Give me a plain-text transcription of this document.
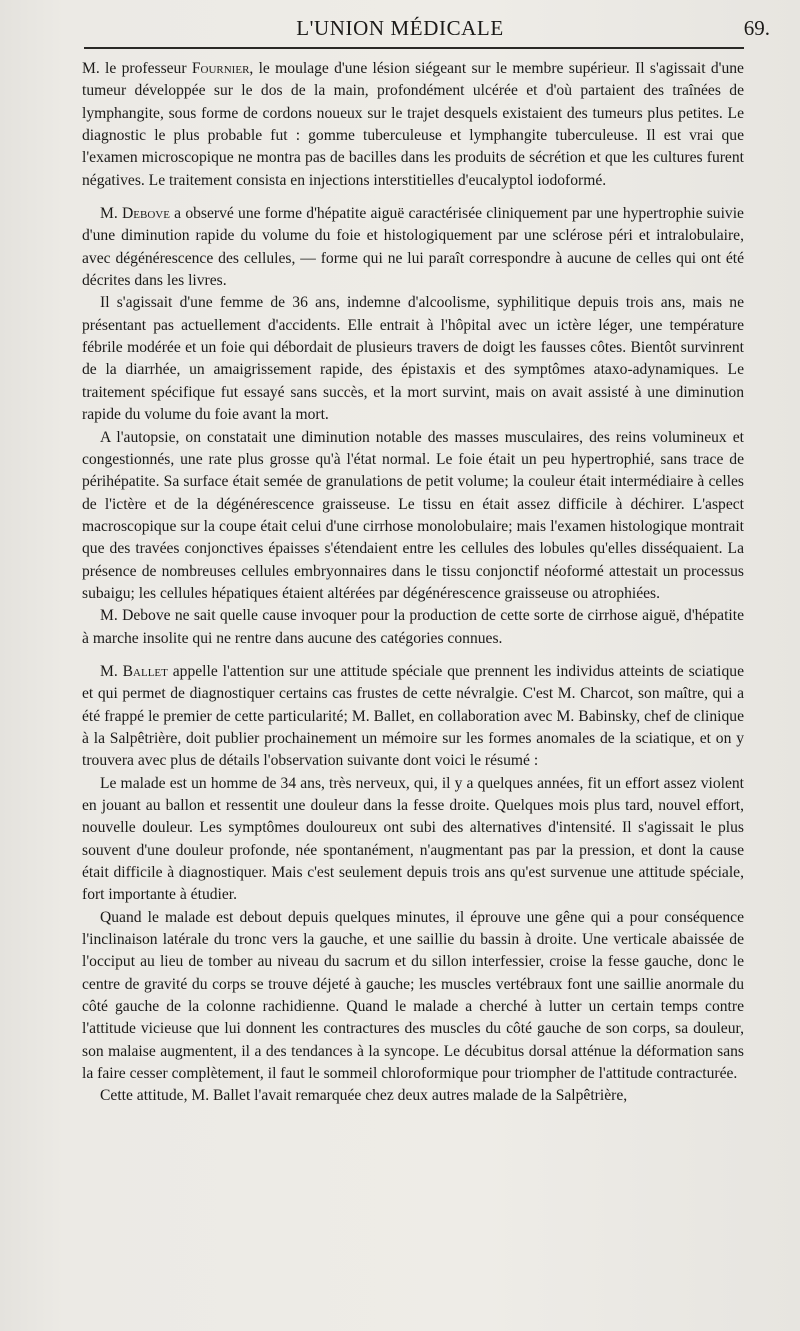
L'UNION MÉDICALE	69.

M. le professeur Fournier, le moulage d'une lésion siégeant sur le membre supérieur. Il s'agissait d'une tumeur développée sur le dos de la main, profondément ulcérée et d'où partaient des traînées de lymphangite, sous forme de cordons noueux sur le trajet desquels existaient des tumeurs plus petites. Le diagnostic le plus probable fut : gomme tuberculeuse et lymphangite tuberculeuse. Il est vrai que l'examen microscopique ne montra pas de bacilles dans les produits de sécrétion et que les cultures furent négatives. Le traitement consista en injections interstitielles d'eucalyptol iodoformé.

M. Debove a observé une forme d'hépatite aiguë caractérisée cliniquement par une hypertrophie suivie d'une diminution rapide du volume du foie et histologiquement par une sclérose péri et intralobulaire, avec dégénérescence des cellules, — forme qui ne lui paraît correspondre à aucune de celles qui ont été décrites dans les livres.

Il s'agissait d'une femme de 36 ans, indemne d'alcoolisme, syphilitique depuis trois ans, mais ne présentant pas actuellement d'accidents. Elle entrait à l'hôpital avec un ictère léger, une température fébrile modérée et un foie qui débordait de plusieurs travers de doigt les fausses côtes. Bientôt survinrent de la diarrhée, un amaigrissement rapide, des épistaxis et des symptômes ataxo-adynamiques. Le traitement spécifique fut essayé sans succès, et la mort survint, mais on avait assisté à une diminution rapide du volume du foie avant la mort.

A l'autopsie, on constatait une diminution notable des masses musculaires, des reins volumineux et congestionnés, une rate plus grosse qu'à l'état normal. Le foie était un peu hypertrophié, sans trace de périhépatite. Sa surface était semée de granulations de petit volume; la couleur était intermédiaire à celles de l'ictère et de la dégénérescence graisseuse. Le tissu en était assez difficile à déchirer. L'aspect macroscopique sur la coupe était celui d'une cirrhose monolobulaire; mais l'examen histologique montrait que des travées conjonctives épaisses s'étendaient entre les cellules des lobules qu'elles disséquaient. La présence de nombreuses cellules embryonnaires dans le tissu conjonctif néoformé attestait un processus subaigu; les cellules hépatiques étaient altérées par dégénérescence graisseuse ou atrophiées.

M. Debove ne sait quelle cause invoquer pour la production de cette sorte de cirrhose aiguë, d'hépatite à marche insolite qui ne rentre dans aucune des catégories connues.

M. Ballet appelle l'attention sur une attitude spéciale que prennent les individus atteints de sciatique et qui permet de diagnostiquer certains cas frustes de cette névralgie. C'est M. Charcot, son maître, qui a été frappé le premier de cette particularité; M. Ballet, en collaboration avec M. Babinsky, chef de clinique à la Salpêtrière, doit publier prochainement un mémoire sur les formes anomales de la sciatique, et on y trouvera avec plus de détails l'observation suivante dont voici le résumé :

Le malade est un homme de 34 ans, très nerveux, qui, il y a quelques années, fit un effort assez violent en jouant au ballon et ressentit une douleur dans la fesse droite. Quelques mois plus tard, nouvel effort, nouvelle douleur. Les symptômes douloureux ont subi des alternatives d'intensité. Il s'agissait le plus souvent d'une douleur profonde, née spontanément, n'augmentant pas par la pression, et dont la cause était difficile à diagnostiquer. Mais c'est seulement depuis trois ans qu'est survenue une attitude spéciale, fort importante à étudier.

Quand le malade est debout depuis quelques minutes, il éprouve une gêne qui a pour conséquence l'inclinaison latérale du tronc vers la gauche, et une saillie du bassin à droite. Une verticale abaissée de l'occiput au lieu de tomber au niveau du sacrum et du sillon interfessier, croise la fesse gauche, donc le centre de gravité du corps se trouve déjeté à gauche; les muscles vertébraux font une saillie anormale du côté gauche de la colonne rachidienne. Quand le malade a cherché à lutter un certain temps contre l'attitude vicieuse que lui donnent les contractures des muscles du côté gauche de son corps, sa douleur, son malaise augmentent, il a des tendances à la syncope. Le décubitus dorsal atténue la déformation sans la faire cesser complètement, il faut le sommeil chloroformique pour triompher de l'attitude contracturée.

Cette attitude, M. Ballet l'avait remarquée chez deux autres malade de la Salpêtrière,
